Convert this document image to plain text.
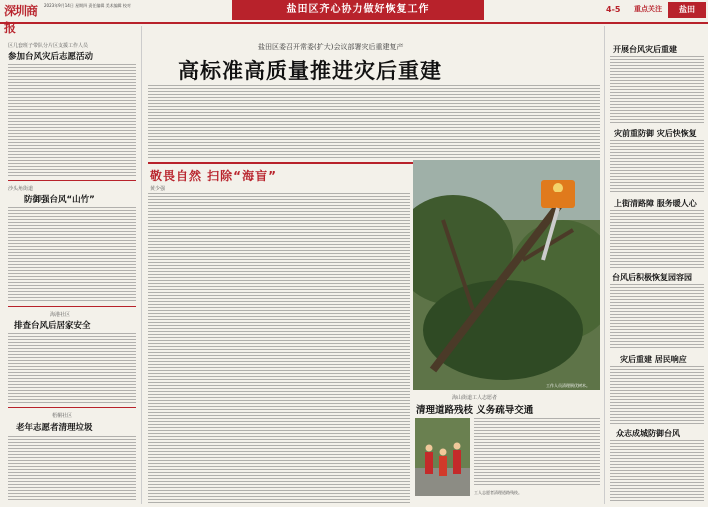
深圳商报
2023年9月14日 星期四 责任编辑 美术编辑 校对	盐田区齐心协力做好恢复工作	4-5 重点关注	盐田
区几套班子带队分片区支援工作人员
参加台风灾后志愿活动
沙头角街道
防御强台风“山竹”
海港社区
排查台风后居家安全
梧桐社区
老年志愿者清理垃圾
盐田区委召开常委(扩大)会议部署灾后重建复产
高标准高质量推进灾后重建
敬畏自然 扫除“海盲”
黄少强
工作人员清理倒伏树木。
海山街道工人志愿者
清理道路残枝 义务疏导交通
工人志愿者清理道路残枝。
开展台风灾后重建
灾前重防御 灾后快恢复
上街清路障 服务暖人心
台风后积极恢复园容园
灾后重建 居民响应
众志成城防御台风
